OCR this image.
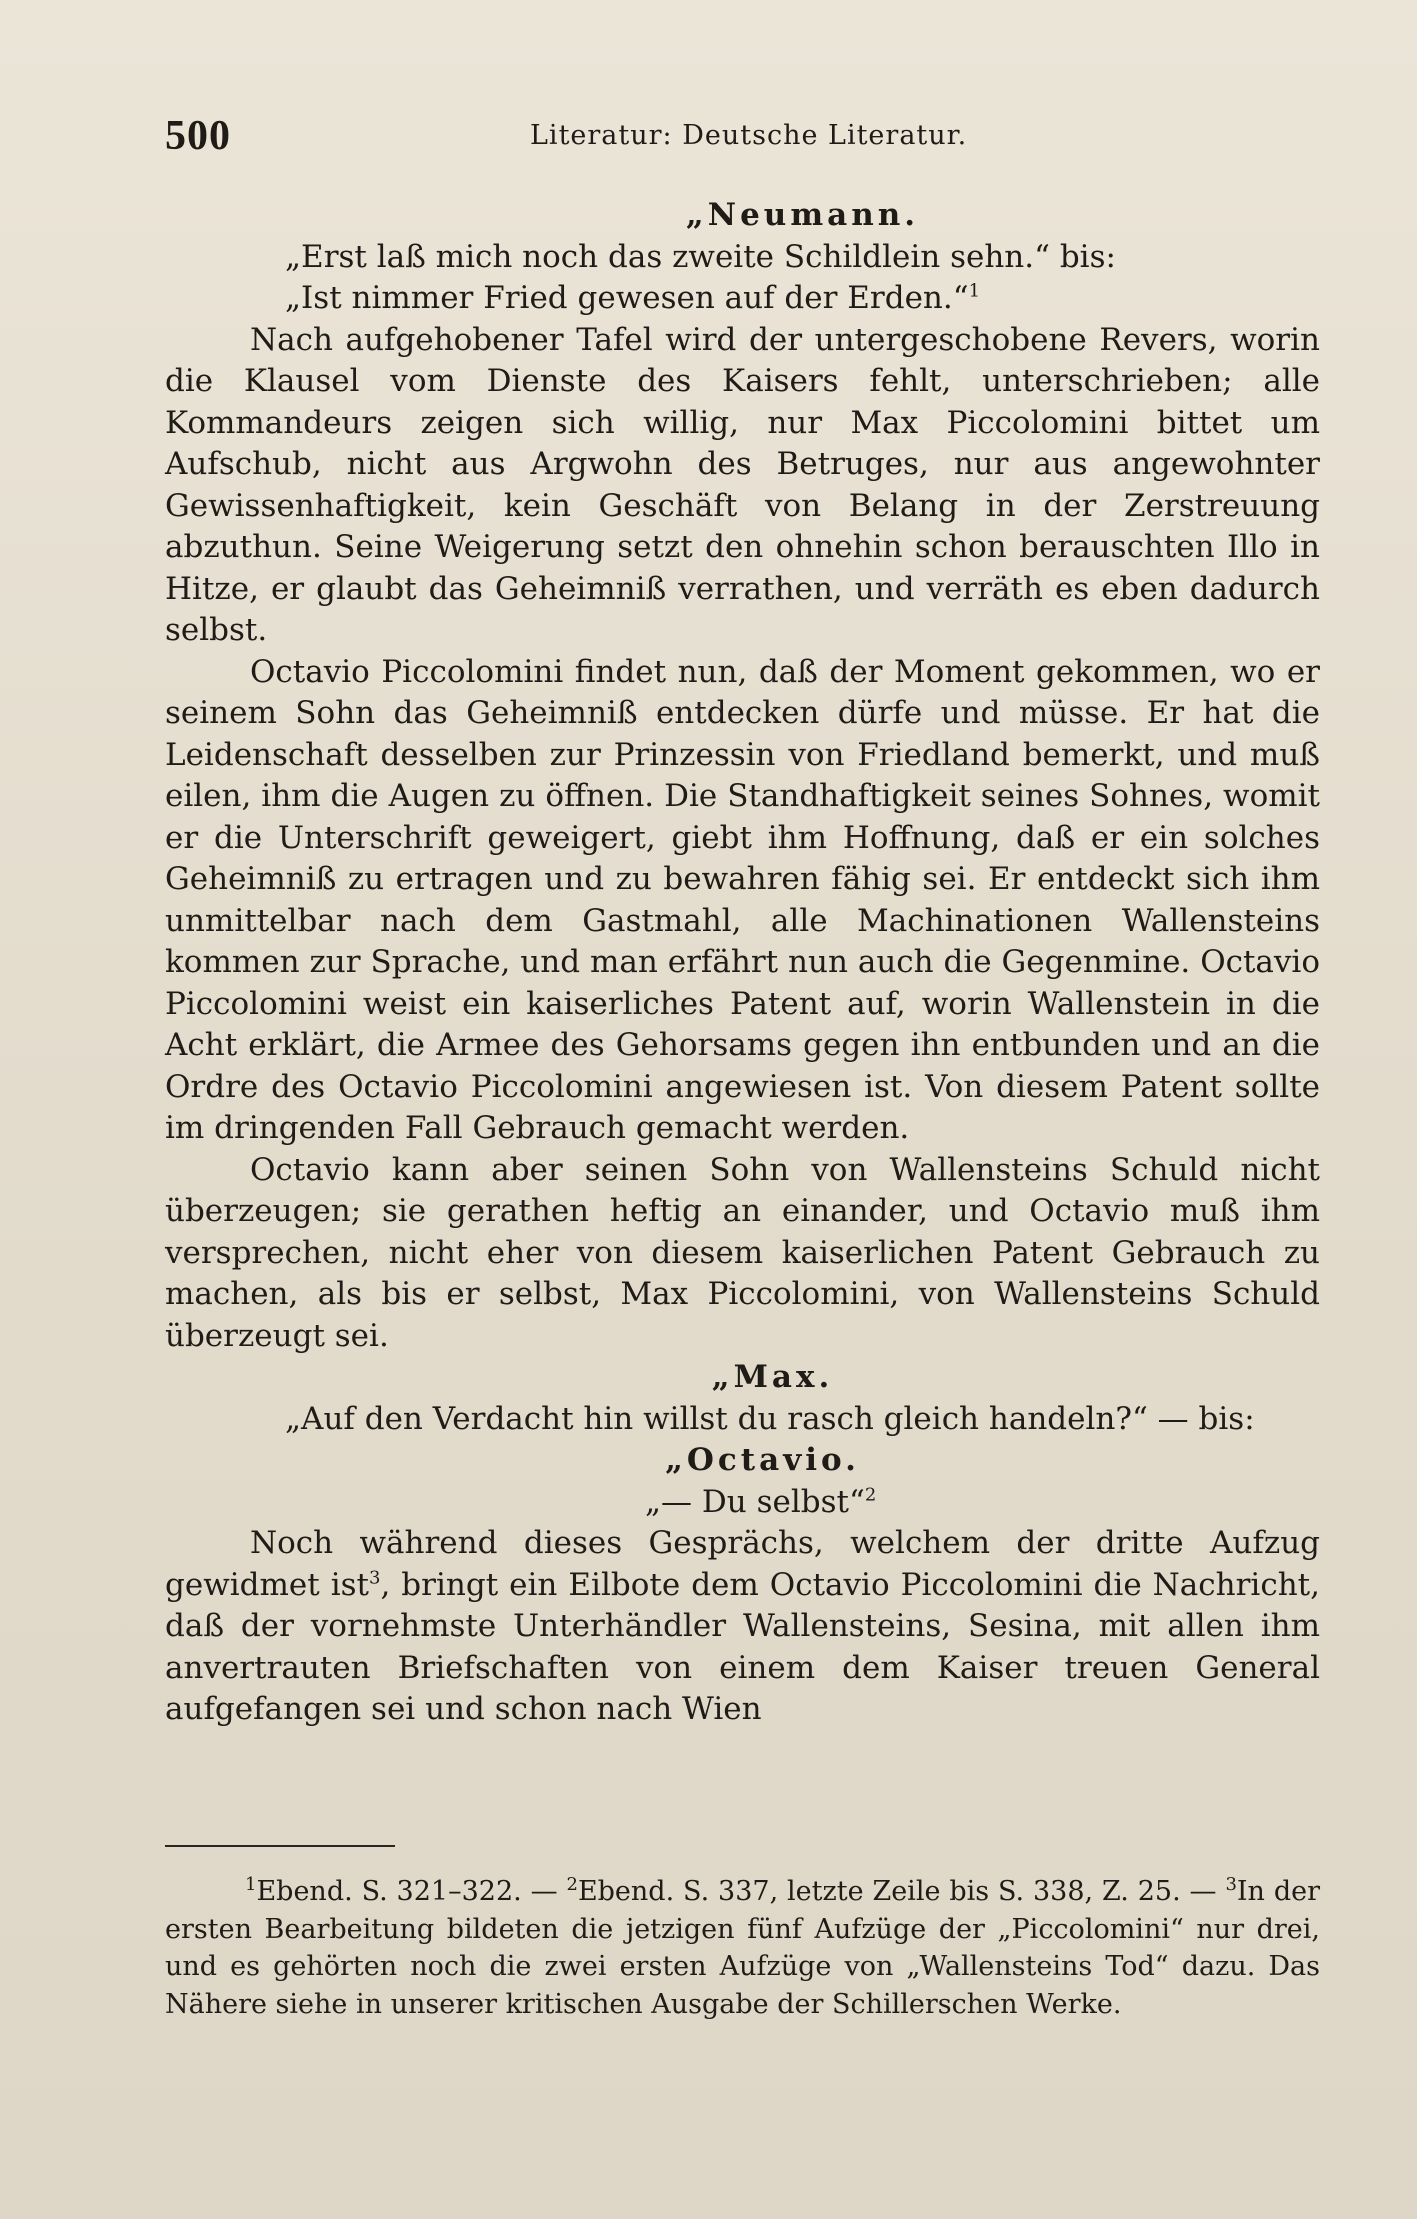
500	Literatur: Deutsche Literatur.
„Neumann.
„Erst laß mich noch das zweite Schildlein sehn.“ bis:
„Ist nimmer Fried gewesen auf der Erden.“$^1$

Nach aufgehobener Tafel wird der untergeschobene Revers, worin die Klausel vom Dienste des Kaisers fehlt, unterschrieben; alle Kommandeurs zeigen sich willig, nur Max Piccolomini bittet um Aufschub, nicht aus Argwohn des Betruges, nur aus angewohnter Gewissenhaftigkeit, kein Geschäft von Belang in der Zerstreuung abzuthun. Seine Weigerung setzt den ohnehin schon berauschten Illo in Hitze, er glaubt das Geheimniß verrathen, und verräth es eben dadurch selbst.

Octavio Piccolomini findet nun, daß der Moment gekommen, wo er seinem Sohn das Geheimniß entdecken dürfe und müsse. Er hat die Leidenschaft desselben zur Prinzessin von Friedland bemerkt, und muß eilen, ihm die Augen zu öffnen. Die Standhaftigkeit seines Sohnes, womit er die Unterschrift geweigert, giebt ihm Hoffnung, daß er ein solches Geheimniß zu ertragen und zu bewahren fähig sei. Er entdeckt sich ihm unmittelbar nach dem Gastmahl, alle Machinationen Wallensteins kommen zur Sprache, und man erfährt nun auch die Gegenmine. Octavio Piccolomini weist ein kaiserliches Patent auf, worin Wallenstein in die Acht erklärt, die Armee des Gehorsams gegen ihn entbunden und an die Ordre des Octavio Piccolomini angewiesen ist. Von diesem Patent sollte im dringenden Fall Gebrauch gemacht werden.

Octavio kann aber seinen Sohn von Wallensteins Schuld nicht überzeugen; sie gerathen heftig an einander, und Octavio muß ihm versprechen, nicht eher von diesem kaiserlichen Patent Gebrauch zu machen, als bis er selbst, Max Piccolomini, von Wallensteins Schuld überzeugt sei.

„Max.
„Auf den Verdacht hin willst du rasch gleich handeln?“ — bis:
„Octavio.
„— Du selbst“$^2$

Noch während dieses Gesprächs, welchem der dritte Aufzug gewidmet ist$^3$, bringt ein Eilbote dem Octavio Piccolomini die Nachricht, daß der vornehmste Unterhändler Wallensteins, Sesina, mit allen ihm anvertrauten Briefschaften von einem dem Kaiser treuen General aufgefangen sei und schon nach Wien

$^1$Ebend. S. 321–322. — $^2$Ebend. S. 337, letzte Zeile bis S. 338, Z. 25. — $^3$In der ersten Bearbeitung bildeten die jetzigen fünf Aufzüge der „Piccolomini“ nur drei, und es gehörten noch die zwei ersten Aufzüge von „Wallensteins Tod“ dazu. Das Nähere siehe in unserer kritischen Ausgabe der Schillerschen Werke.
